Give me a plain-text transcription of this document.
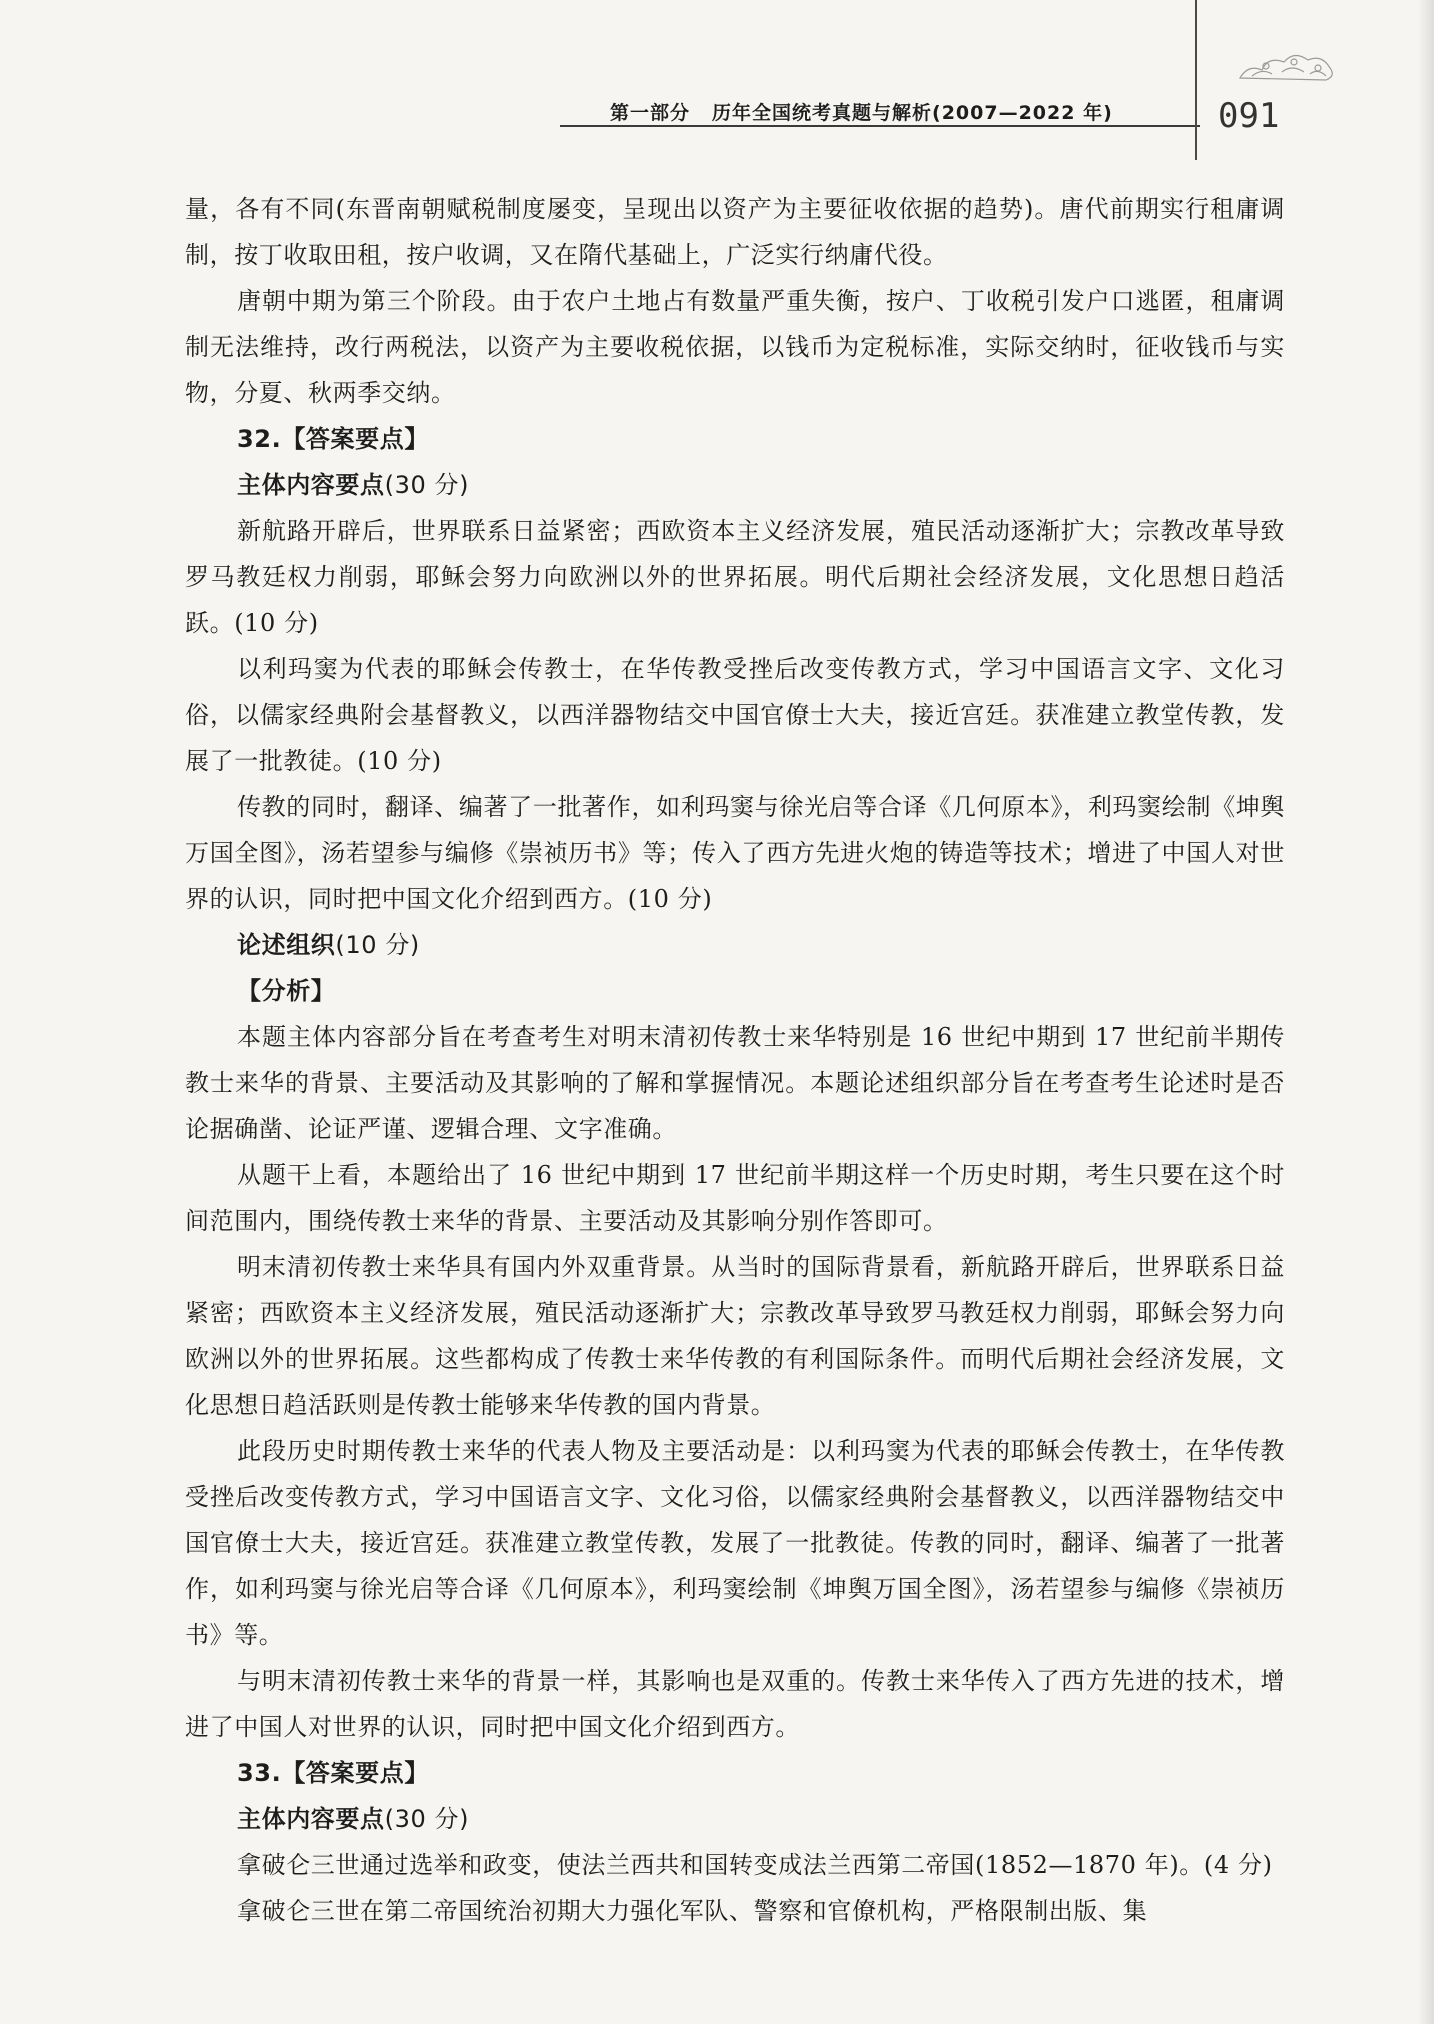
第一部分 历年全国统考真题与解析(2007—2022 年)	091

量，各有不同(东晋南朝赋税制度屡变，呈现出以资产为主要征收依据的趋势)。唐代前期实行租庸调制，按丁收取田租，按户收调，又在隋代基础上，广泛实行纳庸代役。

唐朝中期为第三个阶段。由于农户土地占有数量严重失衡，按户、丁收税引发户口逃匿，租庸调制无法维持，改行两税法，以资产为主要收税依据，以钱币为定税标准，实际交纳时，征收钱币与实物，分夏、秋两季交纳。

32.【答案要点】

主体内容要点(30 分)

新航路开辟后，世界联系日益紧密；西欧资本主义经济发展，殖民活动逐渐扩大；宗教改革导致罗马教廷权力削弱，耶稣会努力向欧洲以外的世界拓展。明代后期社会经济发展，文化思想日趋活跃。(10 分)

以利玛窦为代表的耶稣会传教士，在华传教受挫后改变传教方式，学习中国语言文字、文化习俗，以儒家经典附会基督教义，以西洋器物结交中国官僚士大夫，接近宫廷。获准建立教堂传教，发展了一批教徒。(10 分)

传教的同时，翻译、编著了一批著作，如利玛窦与徐光启等合译《几何原本》，利玛窦绘制《坤舆万国全图》，汤若望参与编修《崇祯历书》等；传入了西方先进火炮的铸造等技术；增进了中国人对世界的认识，同时把中国文化介绍到西方。(10 分)

论述组织(10 分)

【分析】

本题主体内容部分旨在考查考生对明末清初传教士来华特别是 16 世纪中期到 17 世纪前半期传教士来华的背景、主要活动及其影响的了解和掌握情况。本题论述组织部分旨在考查考生论述时是否论据确凿、论证严谨、逻辑合理、文字准确。

从题干上看，本题给出了 16 世纪中期到 17 世纪前半期这样一个历史时期，考生只要在这个时间范围内，围绕传教士来华的背景、主要活动及其影响分别作答即可。

明末清初传教士来华具有国内外双重背景。从当时的国际背景看，新航路开辟后，世界联系日益紧密；西欧资本主义经济发展，殖民活动逐渐扩大；宗教改革导致罗马教廷权力削弱，耶稣会努力向欧洲以外的世界拓展。这些都构成了传教士来华传教的有利国际条件。而明代后期社会经济发展，文化思想日趋活跃则是传教士能够来华传教的国内背景。

此段历史时期传教士来华的代表人物及主要活动是：以利玛窦为代表的耶稣会传教士，在华传教受挫后改变传教方式，学习中国语言文字、文化习俗，以儒家经典附会基督教义，以西洋器物结交中国官僚士大夫，接近宫廷。获准建立教堂传教，发展了一批教徒。传教的同时，翻译、编著了一批著作，如利玛窦与徐光启等合译《几何原本》，利玛窦绘制《坤舆万国全图》，汤若望参与编修《崇祯历书》等。

与明末清初传教士来华的背景一样，其影响也是双重的。传教士来华传入了西方先进的技术，增进了中国人对世界的认识，同时把中国文化介绍到西方。

33.【答案要点】

主体内容要点(30 分)

拿破仑三世通过选举和政变，使法兰西共和国转变成法兰西第二帝国(1852—1870 年)。(4 分)

拿破仑三世在第二帝国统治初期大力强化军队、警察和官僚机构，严格限制出版、集
